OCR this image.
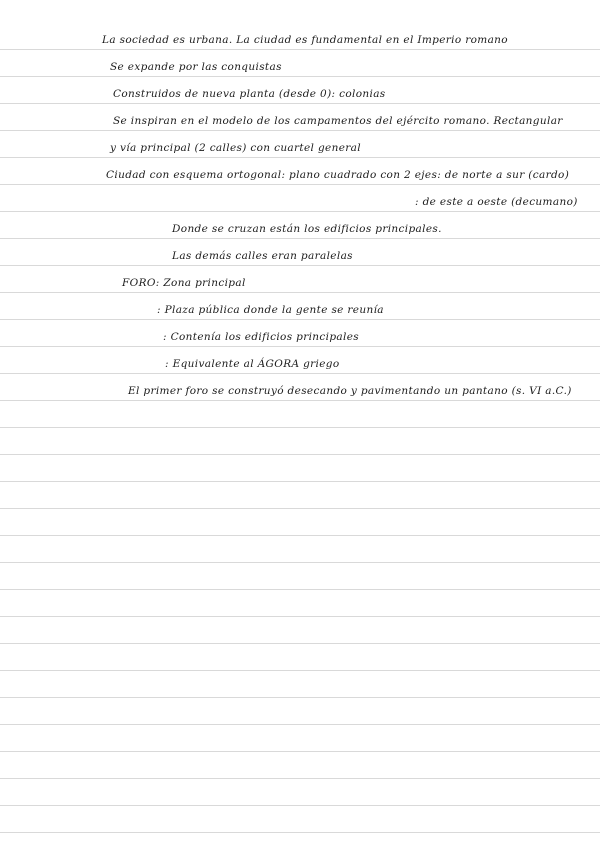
La sociedad es urbana. La ciudad es fundamental en el Imperio romano
Se expande por las conquistas
Construidos de nueva planta (desde 0): colonias
Se inspiran en el modelo de los campamentos del ejército romano. Rectangular
y vía principal (2 calles) con cuartel general
Ciudad con esquema ortogonal: plano cuadrado con 2 ejes: de norte a sur (cardo)
: de este a oeste (decumano)
Donde se cruzan están los edificios principales.
Las demás calles eran paralelas
FORO: Zona principal
: Plaza pública donde la gente se reunía
: Contenía los edificios principales
: Equivalente al ÁGORA griego
El primer foro se construyó desecando y pavimentando un pantano (s. VI a.C.)
